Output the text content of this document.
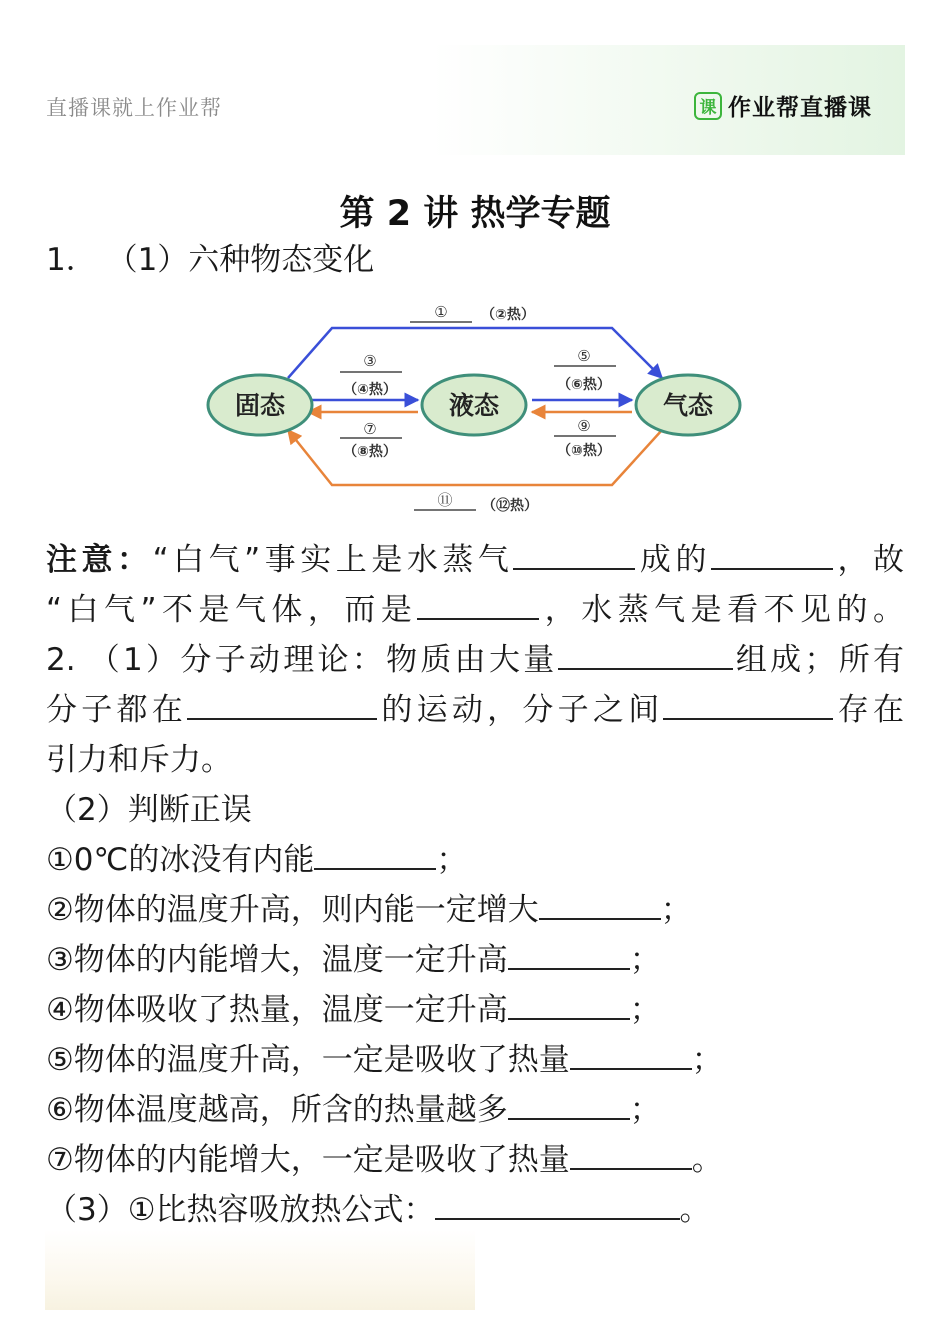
直播课就上作业帮	课 作业帮直播课
第 2 讲 热学专题
1． （1）六种物态变化
固态	液态	气态
① （②热）
③
（④热）
⑦
（⑧热）
⑤
（⑥热）
⑨
（⑩热）
⑪ （⑫热）
注意：“白气”事实上是水蒸气	成的	，故
“白气”不是气体，而是	，水蒸气是看不见的。
2. （1）分子动理论：物质由大量	组成；所有
分子都在	的运动，分子之间	存在
引力和斥力。
（2）判断正误
①0℃的冰没有内能	；
②物体的温度升高，则内能一定增大	；
③物体的内能增大，温度一定升高	；
④物体吸收了热量，温度一定升高	；
⑤物体的温度升高，一定是吸收了热量	；
⑥物体温度越高，所含的热量越多	；
⑦物体的内能增大，一定是吸收了热量	。
（3）①比热容吸放热公式：	。
